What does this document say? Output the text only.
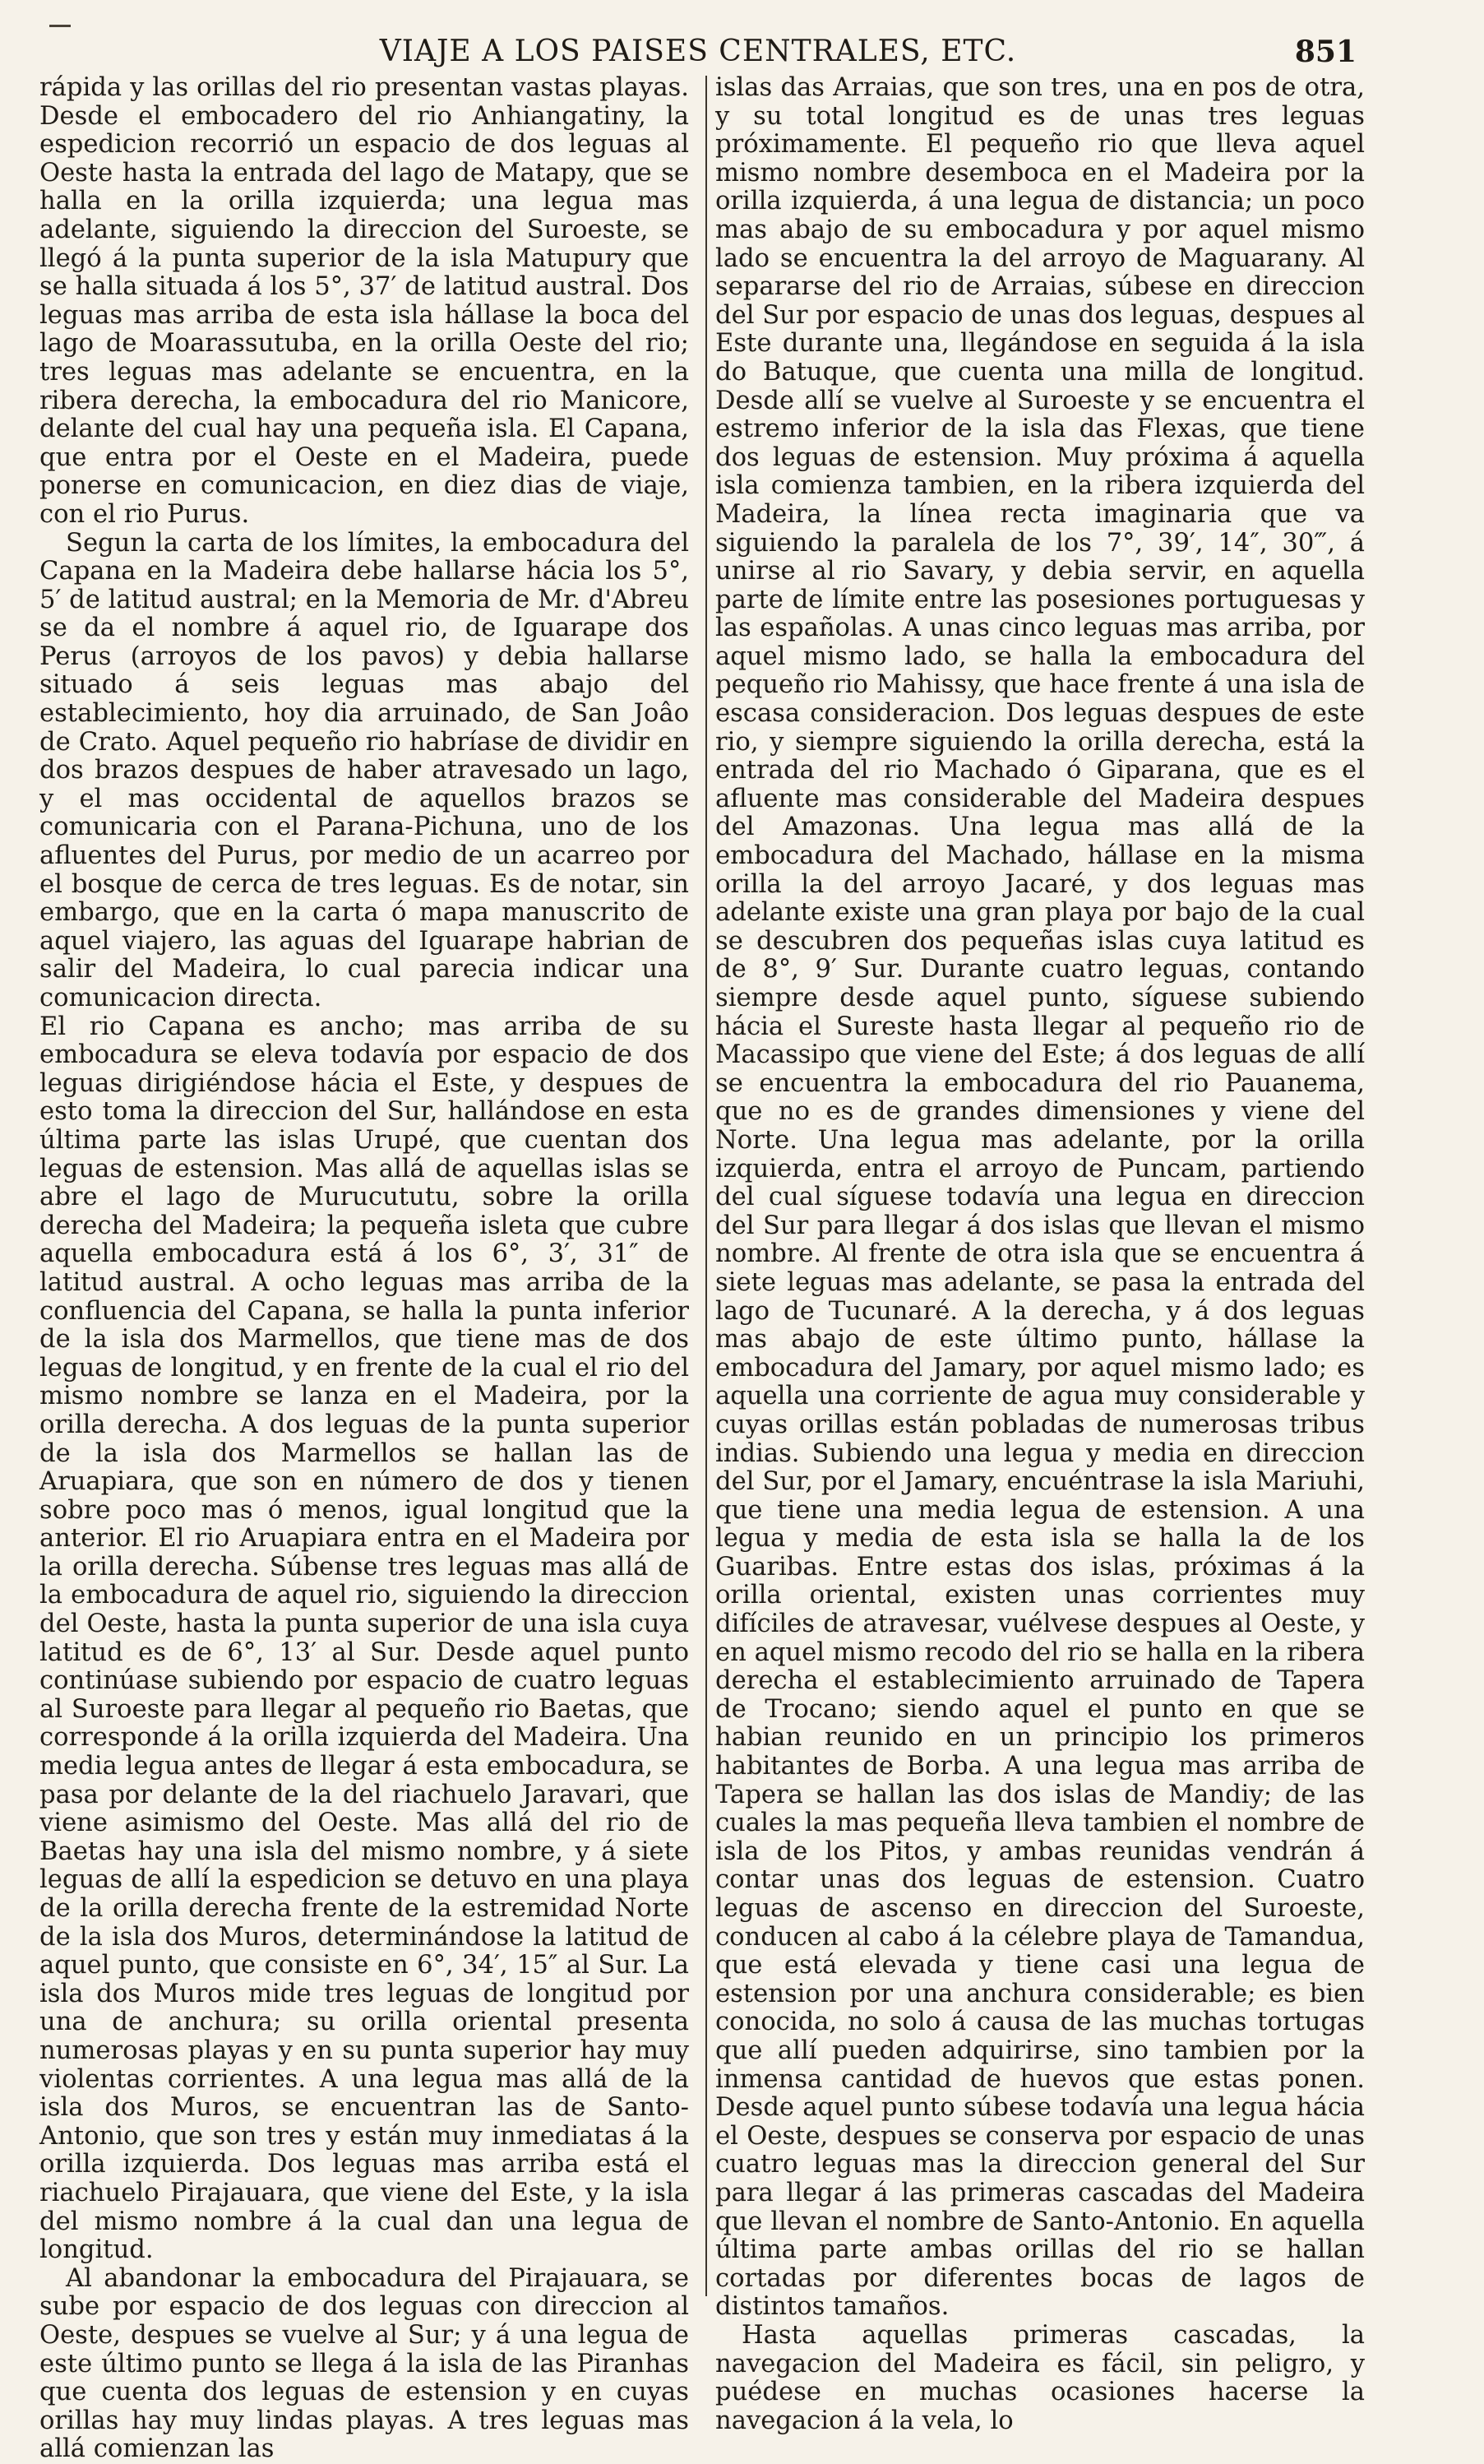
VIAJE A LOS PAISES CENTRALES, ETC.	851

rápida y las orillas del rio presentan vastas playas. Desde el embocadero del rio Anhiangatiny, la espedicion recorrió un espacio de dos leguas al Oeste hasta la entrada del lago de Matapy, que se halla en la orilla izquierda; una legua mas adelante, siguiendo la direccion del Suroeste, se llegó á la punta superior de la isla Matupury que se halla situada á los 5°, 37′ de latitud austral. Dos leguas mas arriba de esta isla hállase la boca del lago de Moarassutuba, en la orilla Oeste del rio; tres leguas mas adelante se encuentra, en la ribera derecha, la embocadura del rio Manicore, delante del cual hay una pequeña isla. El Capana, que entra por el Oeste en el Madeira, puede ponerse en comunicacion, en diez dias de viaje, con el rio Purus.

Segun la carta de los límites, la embocadura del Capana en la Madeira debe hallarse hácia los 5°, 5′ de latitud austral; en la Memoria de Mr. d'Abreu se da el nombre á aquel rio, de Iguarape dos Perus (arroyos de los pavos) y debia hallarse situado á seis leguas mas abajo del establecimiento, hoy dia arruinado, de San Joâo de Crato. Aquel pequeño rio habríase de dividir en dos brazos despues de haber atravesado un lago, y el mas occidental de aquellos brazos se comunicaria con el Parana-Pichuna, uno de los afluentes del Purus, por medio de un acarreo por el bosque de cerca de tres leguas. Es de notar, sin embargo, que en la carta ó mapa manuscrito de aquel viajero, las aguas del Iguarape habrian de salir del Madeira, lo cual parecia indicar una comunicacion directa.

El rio Capana es ancho; mas arriba de su embocadura se eleva todavía por espacio de dos leguas dirigiéndose hácia el Este, y despues de esto toma la direccion del Sur, hallándose en esta última parte las islas Urupé, que cuentan dos leguas de estension. Mas allá de aquellas islas se abre el lago de Murucututu, sobre la orilla derecha del Madeira; la pequeña isleta que cubre aquella embocadura está á los 6°, 3′, 31″ de latitud austral. A ocho leguas mas arriba de la confluencia del Capana, se halla la punta inferior de la isla dos Marmellos, que tiene mas de dos leguas de longitud, y en frente de la cual el rio del mismo nombre se lanza en el Madeira, por la orilla derecha. A dos leguas de la punta superior de la isla dos Marmellos se hallan las de Aruapiara, que son en número de dos y tienen sobre poco mas ó menos, igual longitud que la anterior. El rio Aruapiara entra en el Madeira por la orilla derecha. Súbense tres leguas mas allá de la embocadura de aquel rio, siguiendo la direccion del Oeste, hasta la punta superior de una isla cuya latitud es de 6°, 13′ al Sur. Desde aquel punto continúase subiendo por espacio de cuatro leguas al Suroeste para llegar al pequeño rio Baetas, que corresponde á la orilla izquierda del Madeira. Una media legua antes de llegar á esta embocadura, se pasa por delante de la del riachuelo Jaravari, que viene asimismo del Oeste. Mas allá del rio de Baetas hay una isla del mismo nombre, y á siete leguas de allí la espedicion se detuvo en una playa de la orilla derecha frente de la estremidad Norte de la isla dos Muros, determinándose la latitud de aquel punto, que consiste en 6°, 34′, 15″ al Sur. La isla dos Muros mide tres leguas de longitud por una de anchura; su orilla oriental presenta numerosas playas y en su punta superior hay muy violentas corrientes. A una legua mas allá de la isla dos Muros, se encuentran las de Santo-Antonio, que son tres y están muy inmediatas á la orilla izquierda. Dos leguas mas arriba está el riachuelo Pirajauara, que viene del Este, y la isla del mismo nombre á la cual dan una legua de longitud.

Al abandonar la embocadura del Pirajauara, se sube por espacio de dos leguas con direccion al Oeste, despues se vuelve al Sur; y á una legua de este último punto se llega á la isla de las Piranhas que cuenta dos leguas de estension y en cuyas orillas hay muy lindas playas. A tres leguas mas allá comienzan las

islas das Arraias, que son tres, una en pos de otra, y su total longitud es de unas tres leguas próximamente. El pequeño rio que lleva aquel mismo nombre desemboca en el Madeira por la orilla izquierda, á una legua de distancia; un poco mas abajo de su embocadura y por aquel mismo lado se encuentra la del arroyo de Maguarany. Al separarse del rio de Arraias, súbese en direccion del Sur por espacio de unas dos leguas, despues al Este durante una, llegándose en seguida á la isla do Batuque, que cuenta una milla de longitud. Desde allí se vuelve al Suroeste y se encuentra el estremo inferior de la isla das Flexas, que tiene dos leguas de estension. Muy próxima á aquella isla comienza tambien, en la ribera izquierda del Madeira, la línea recta imaginaria que va siguiendo la paralela de los 7°, 39′, 14″, 30‴, á unirse al rio Savary, y debia servir, en aquella parte de límite entre las posesiones portuguesas y las españolas. A unas cinco leguas mas arriba, por aquel mismo lado, se halla la embocadura del pequeño rio Mahissy, que hace frente á una isla de escasa consideracion. Dos leguas despues de este rio, y siempre siguiendo la orilla derecha, está la entrada del rio Machado ó Giparana, que es el afluente mas considerable del Madeira despues del Amazonas. Una legua mas allá de la embocadura del Machado, hállase en la misma orilla la del arroyo Jacaré, y dos leguas mas adelante existe una gran playa por bajo de la cual se descubren dos pequeñas islas cuya latitud es de 8°, 9′ Sur. Durante cuatro leguas, contando siempre desde aquel punto, síguese subiendo hácia el Sureste hasta llegar al pequeño rio de Macassipo que viene del Este; á dos leguas de allí se encuentra la embocadura del rio Pauanema, que no es de grandes dimensiones y viene del Norte. Una legua mas adelante, por la orilla izquierda, entra el arroyo de Puncam, partiendo del cual síguese todavía una legua en direccion del Sur para llegar á dos islas que llevan el mismo nombre. Al frente de otra isla que se encuentra á siete leguas mas adelante, se pasa la entrada del lago de Tucunaré. A la derecha, y á dos leguas mas abajo de este último punto, hállase la embocadura del Jamary, por aquel mismo lado; es aquella una corriente de agua muy considerable y cuyas orillas están pobladas de numerosas tribus indias. Subiendo una legua y media en direccion del Sur, por el Jamary, encuéntrase la isla Mariuhi, que tiene una media legua de estension. A una legua y media de esta isla se halla la de los Guaribas. Entre estas dos islas, próximas á la orilla oriental, existen unas corrientes muy difíciles de atravesar, vuélvese despues al Oeste, y en aquel mismo recodo del rio se halla en la ribera derecha el establecimiento arruinado de Tapera de Trocano; siendo aquel el punto en que se habian reunido en un principio los primeros habitantes de Borba. A una legua mas arriba de Tapera se hallan las dos islas de Mandiy; de las cuales la mas pequeña lleva tambien el nombre de isla de los Pitos, y ambas reunidas vendrán á contar unas dos leguas de estension. Cuatro leguas de ascenso en direccion del Suroeste, conducen al cabo á la célebre playa de Tamandua, que está elevada y tiene casi una legua de estension por una anchura considerable; es bien conocida, no solo á causa de las muchas tortugas que allí pueden adquirirse, sino tambien por la inmensa cantidad de huevos que estas ponen. Desde aquel punto súbese todavía una legua hácia el Oeste, despues se conserva por espacio de unas cuatro leguas mas la direccion general del Sur para llegar á las primeras cascadas del Madeira que llevan el nombre de Santo-Antonio. En aquella última parte ambas orillas del rio se hallan cortadas por diferentes bocas de lagos de distintos tamaños.

Hasta aquellas primeras cascadas, la navegacion del Madeira es fácil, sin peligro, y puédese en muchas ocasiones hacerse la navegacion á la vela, lo
